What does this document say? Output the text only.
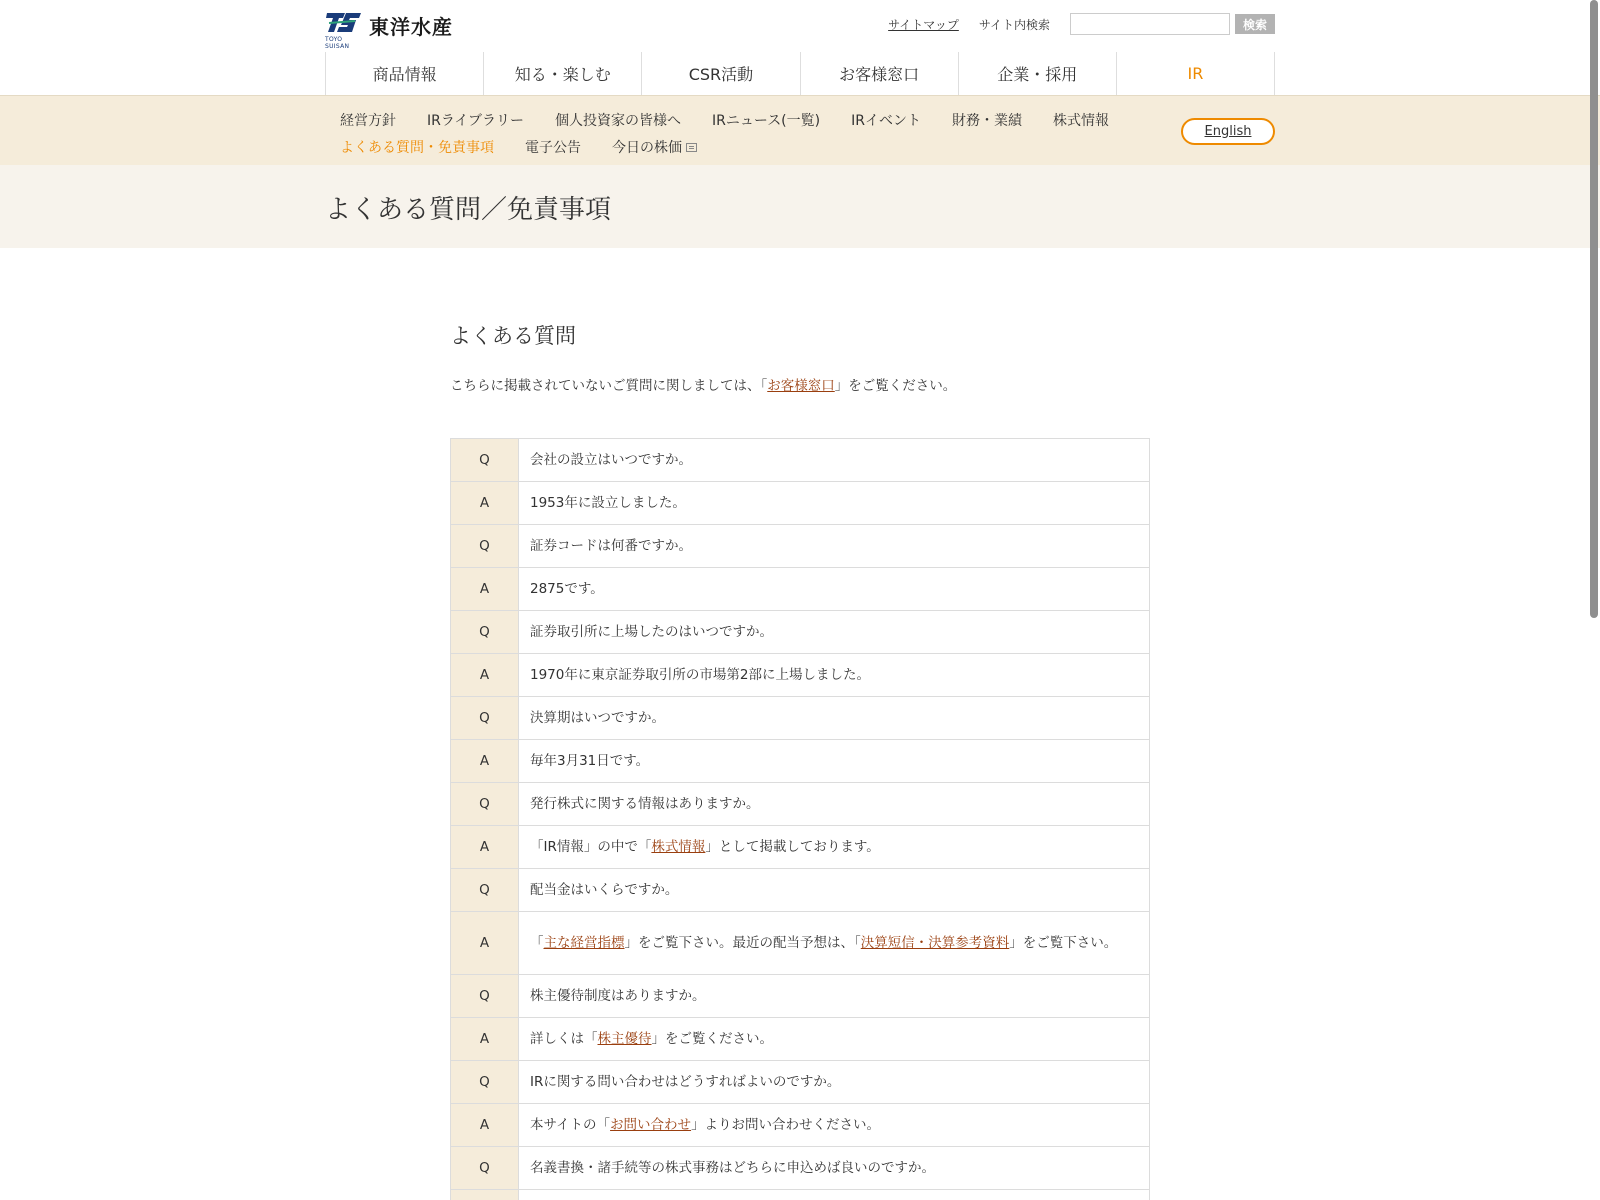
TOYO SUISAN
東洋水産	サイトマップ サイト内検索	検索
商品情報	知る・楽しむ	CSR活動	お客様窓口	企業・採用	IR
経営方針 IRライブラリー 個人投資家の皆様へ IRニュース(一覧) IRイベント 財務・業績 株式情報
よくある質問・免責事項 電子公告 今日の株価
English
よくある質問／免責事項
よくある質問
こちらに掲載されていないご質問に関しましては、「お客様窓口」をご覧ください。
Q	会社の設立はいつですか。
A	1953年に設立しました。
Q	証券コードは何番ですか。
A	2875です。
Q	証券取引所に上場したのはいつですか。
A	1970年に東京証券取引所の市場第2部に上場しました。
Q	決算期はいつですか。
A	毎年3月31日です。
Q	発行株式に関する情報はありますか。
A	「IR情報」の中で「株式情報」として掲載しております。
Q	配当金はいくらですか。
A	「主な経営指標」をご覧下さい。最近の配当予想は、「決算短信・決算参考資料」をご覧下さい。
Q	株主優待制度はありますか。
A	詳しくは「株主優待」をご覧ください。
Q	IRに関する問い合わせはどうすればよいのですか。
A	本サイトの「お問い合わせ」よりお問い合わせください。
Q	名義書換・諸手続等の株式事務はどちらに申込めば良いのですか。
